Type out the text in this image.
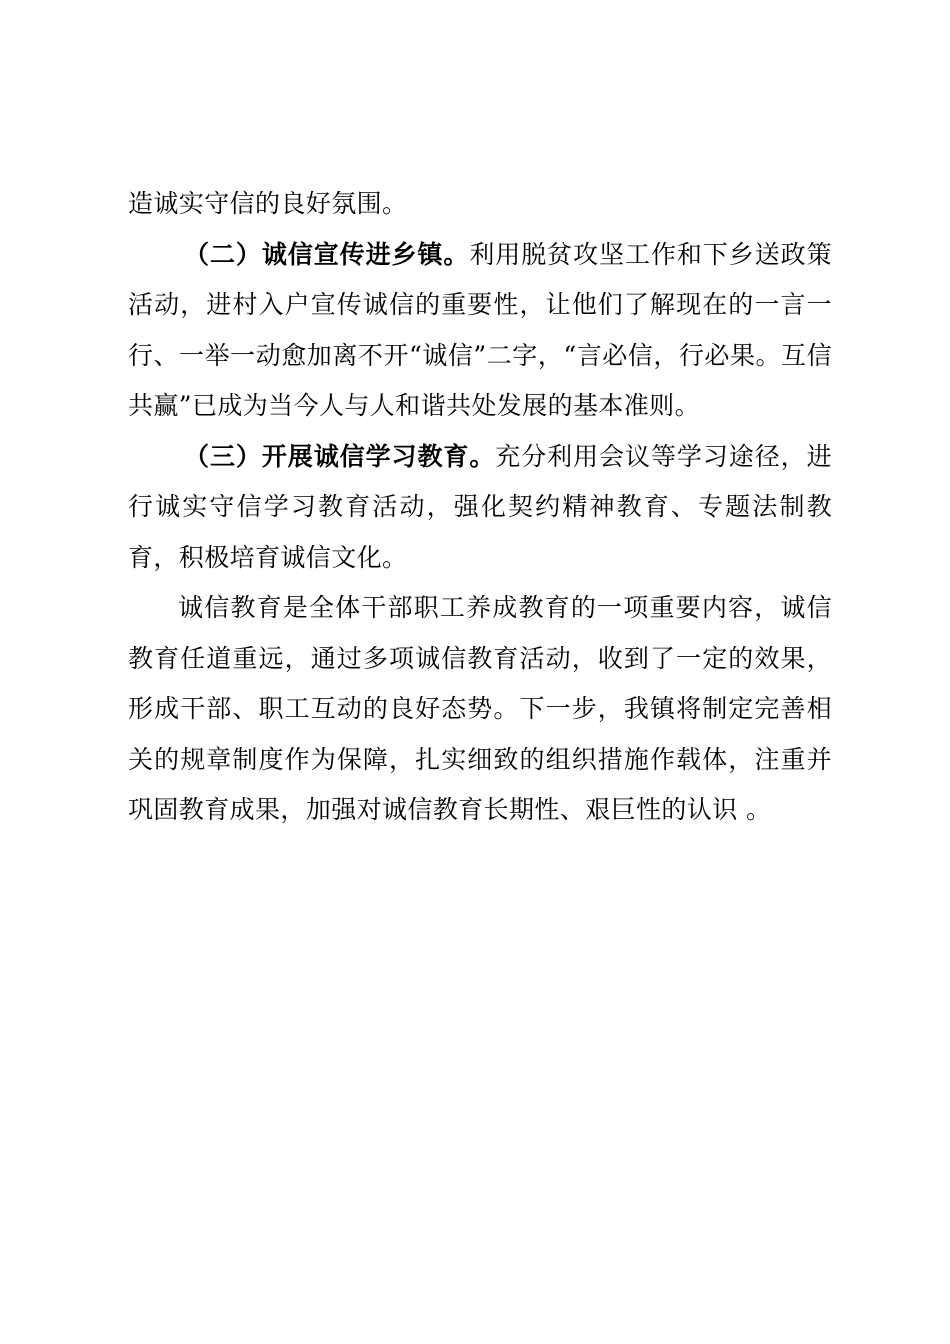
造诚实守信的良好氛围。

（二）诚信宣传进乡镇。利用脱贫攻坚工作和下乡送政策活动，进村入户宣传诚信的重要性，让他们了解现在的一言一行、一举一动愈加离不开“诚信”二字，“言必信，行必果。互信共赢”已成为当今人与人和谐共处发展的基本准则。

（三）开展诚信学习教育。充分利用会议等学习途径，进行诚实守信学习教育活动，强化契约精神教育、专题法制教育，积极培育诚信文化。

诚信教育是全体干部职工养成教育的一项重要内容，诚信教育任道重远，通过多项诚信教育活动，收到了一定的效果，形成干部、职工互动的良好态势。下一步，我镇将制定完善相关的规章制度作为保障，扎实细致的组织措施作载体，注重并巩固教育成果，加强对诚信教育长期性、艰巨性的认识 。
